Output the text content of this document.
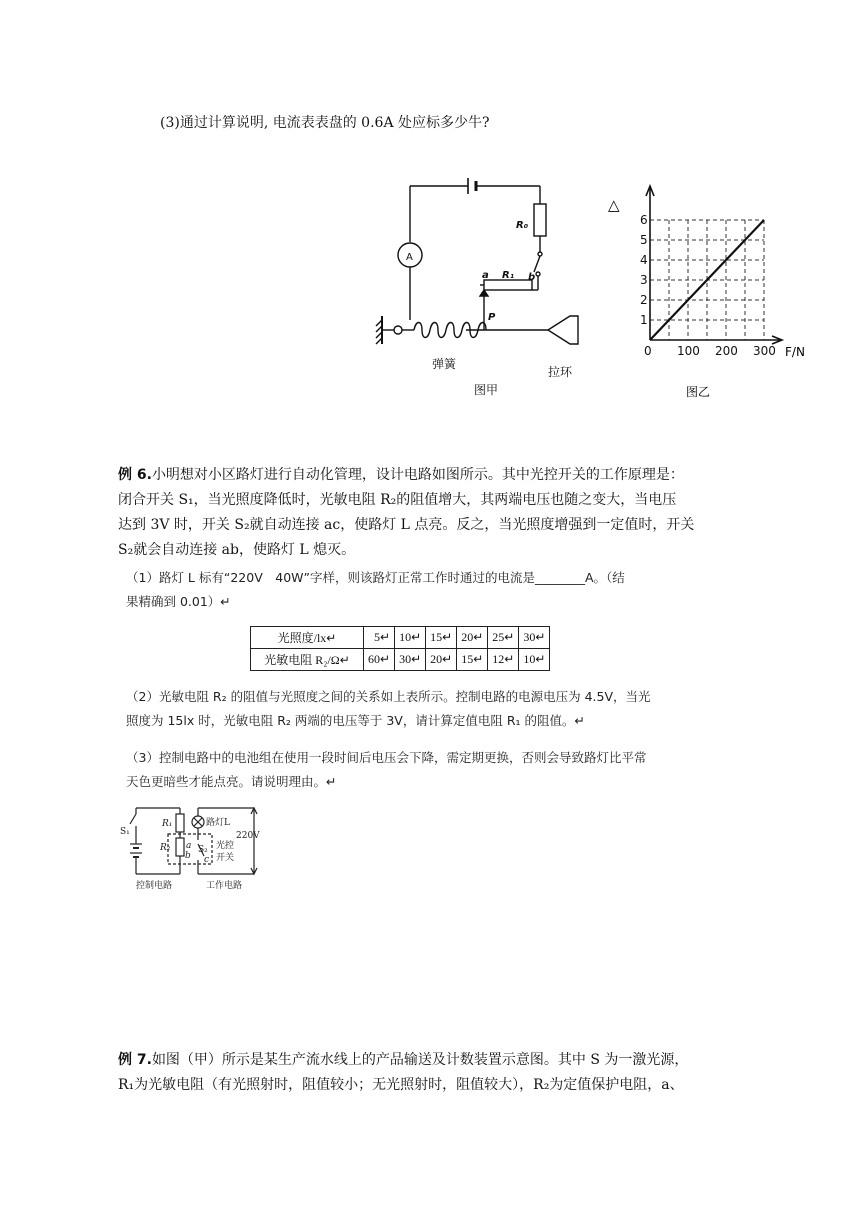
(3)通过计算说明, 电流表表盘的 0.6A 处应标多少牛?
R₀
A
a R₁ b
P
弹簧
拉环
图甲
0 100 200 300
1
2
3
4
5
6
△
F/N
图乙
例 6.小明想对小区路灯进行自动化管理，设计电路如图所示。其中光控开关的工作原理是：
闭合开关 S₁，当光照度降低时，光敏电阻 R₂的阻值增大，其两端电压也随之变大，当电压
达到 3V 时，开关 S₂就自动连接 ac，使路灯 L 点亮。反之，当光照度增强到一定值时，开关
S₂就会自动连接 ab，使路灯 L 熄灭。
（1）路灯 L 标有“220V　40W”字样，则该路灯正常工作时通过的电流是________A。（结
果精确到 0.01）↵
光照度/lx↵	5↵	10↵	15↵	20↵	25↵	30↵
光敏电阻 R₂/Ω↵	60↵	30↵	20↵	15↵	12↵	10↵
（2）光敏电阻 R₂ 的阻值与光照度之间的关系如上表所示。控制电路的电源电压为 4.5V，当光
照度为 15lx 时，光敏电阻 R₂ 两端的电压等于 3V，请计算定值电阻 R₁ 的阻值。↵
（3）控制电路中的电池组在使用一段时间后电压会下降，需定期更换，否则会导致路灯比平常
天色更暗些才能点亮。请说明理由。↵
S₁
R₁
R₂ a
b c
S₂
路灯L
光控
开关
220V
控制电路	工作电路
例 7.如图（甲）所示是某生产流水线上的产品输送及计数装置示意图。其中 S 为一激光源，
R₁为光敏电阻（有光照射时，阻值较小；无光照射时，阻值较大），R₂为定值保护电阻，a、
